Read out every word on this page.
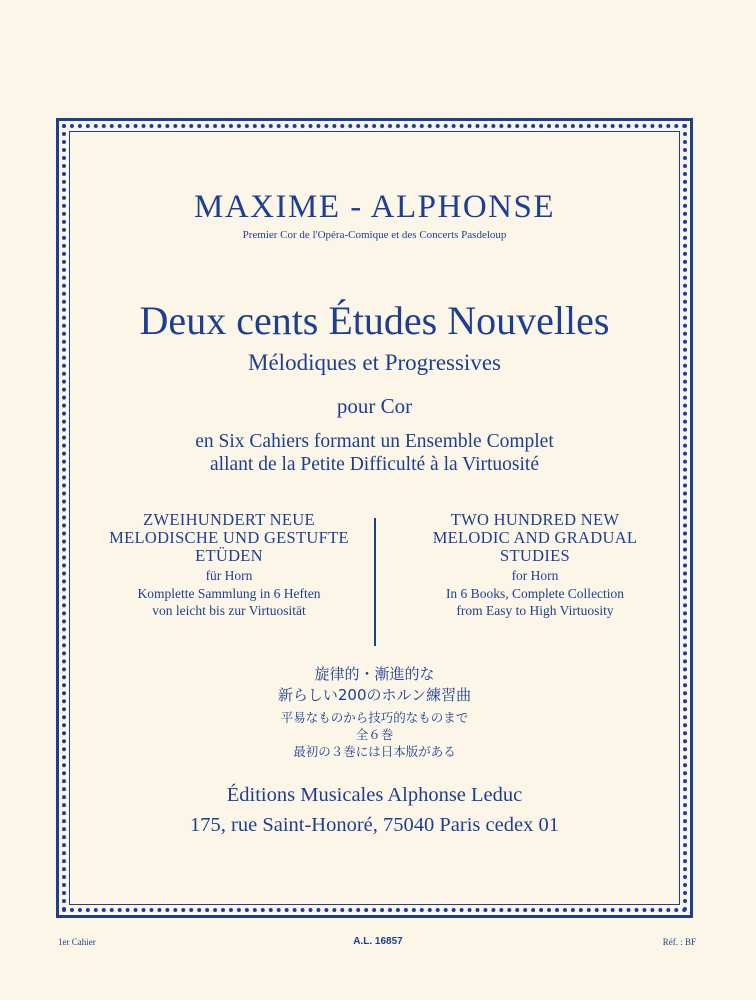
MAXIME - ALPHONSE
Premier Cor de l'Opéra-Comique et des Concerts Pasdeloup
Deux cents Études Nouvelles
Mélodiques et Progressives
pour Cor
en Six Cahiers formant un Ensemble Complet
allant de la Petite Difficulté à la Virtuosité
ZWEIHUNDERT NEUE
MELODISCHE UND GESTUFTE
ETÜDEN
für Horn
Komplette Sammlung in 6 Heften
von leicht bis zur Virtuosität
TWO HUNDRED NEW
MELODIC AND GRADUAL
STUDIES
for Horn
In 6 Books, Complete Collection
from Easy to High Virtuosity
旋律的・漸進的な
新らしい200のホルン練習曲
平易なものから技巧的なものまで
全６巻
最初の３巻には日本版がある
Éditions Musicales Alphonse Leduc
175, rue Saint-Honoré, 75040 Paris cedex 01
1er Cahier	A.L. 16857	Réf. : BF
